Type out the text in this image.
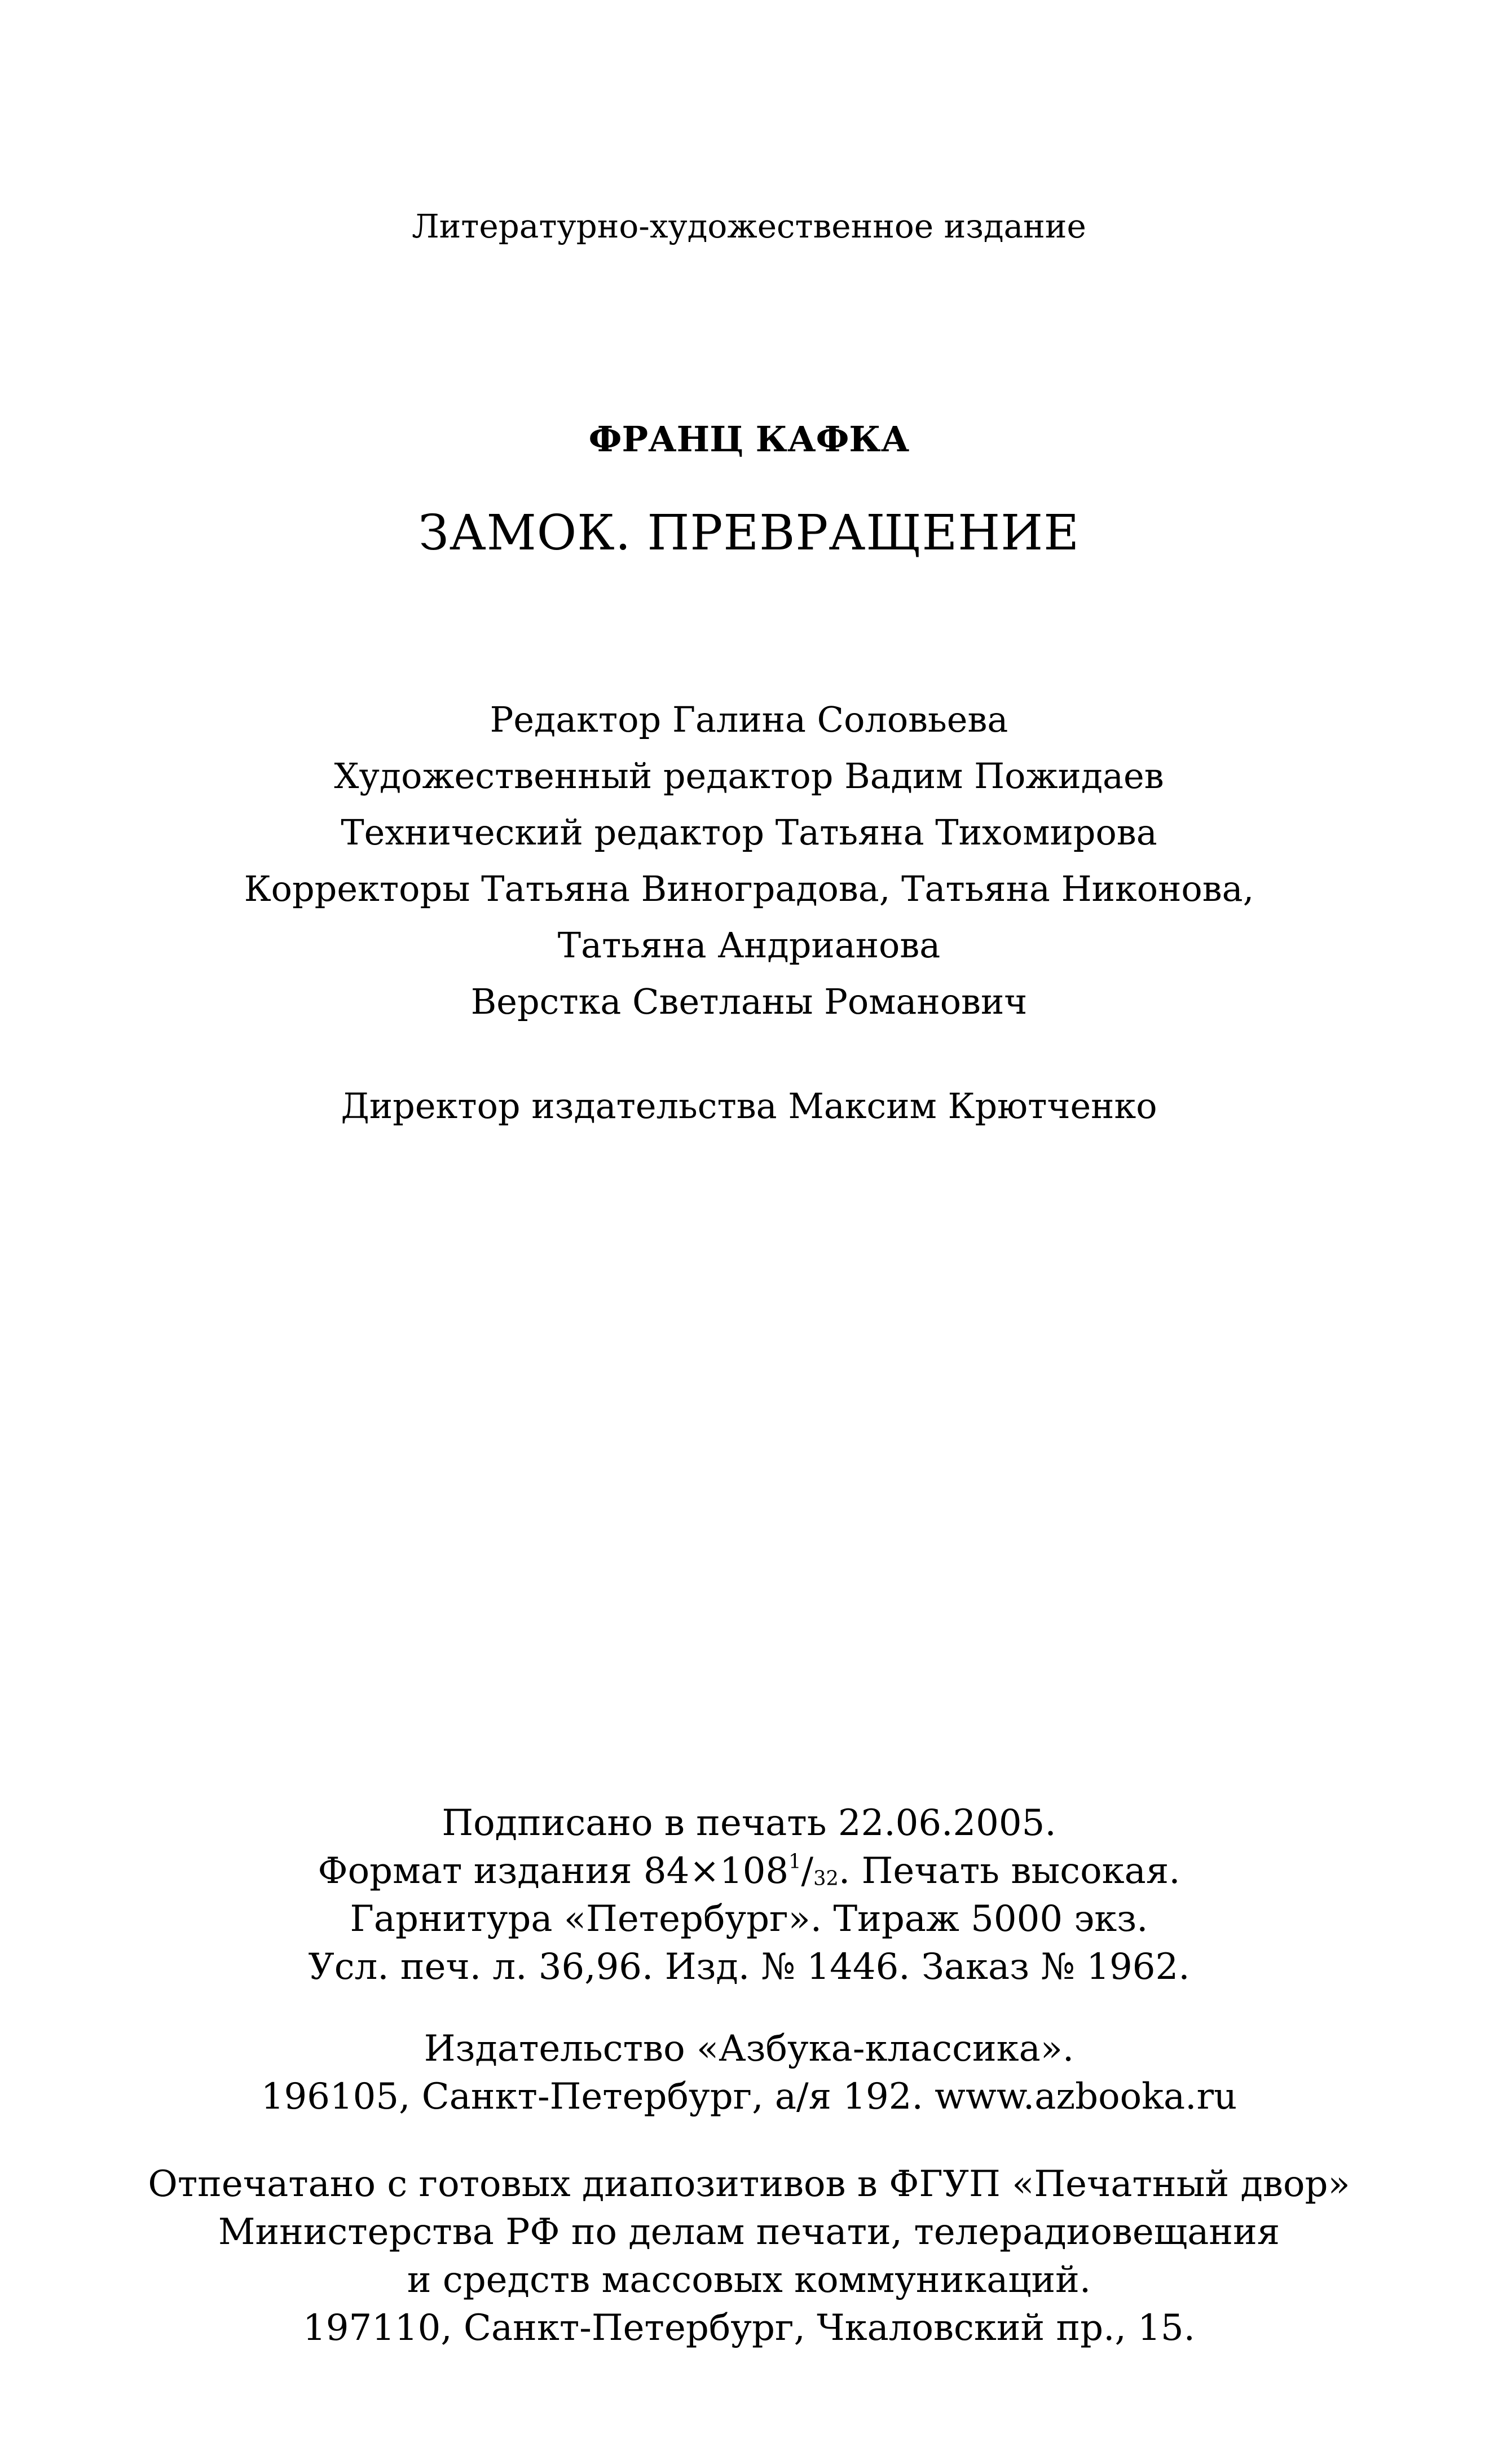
Литературно-художественное издание

ФРАНЦ КАФКА

ЗАМОК. ПРЕВРАЩЕНИЕ

Редактор Галина Соловьева

Художественный редактор Вадим Пожидаев

Технический редактор Татьяна Тихомирова

Корректоры Татьяна Виноградова, Татьяна Никонова,

Татьяна Андрианова

Верстка Светланы Романович

Директор издательства Максим Крютченко

Подписано в печать 22.06.2005.

Формат издания $84\times 108^1/_{32}$. Печать высокая.

Гарнитура «Петербург». Тираж 5000 экз.

Усл. печ. л. 36,96. Изд. № 1446. Заказ № 1962.

Издательство «Азбука-классика».

196105, Санкт-Петербург, а/я 192. www.azbooka.ru

Отпечатано с готовых диапозитивов в ФГУП «Печатный двор»

Министерства РФ по делам печати, телерадиовещания

и средств массовых коммуникаций.

197110, Санкт-Петербург, Чкаловский пр., 15.
